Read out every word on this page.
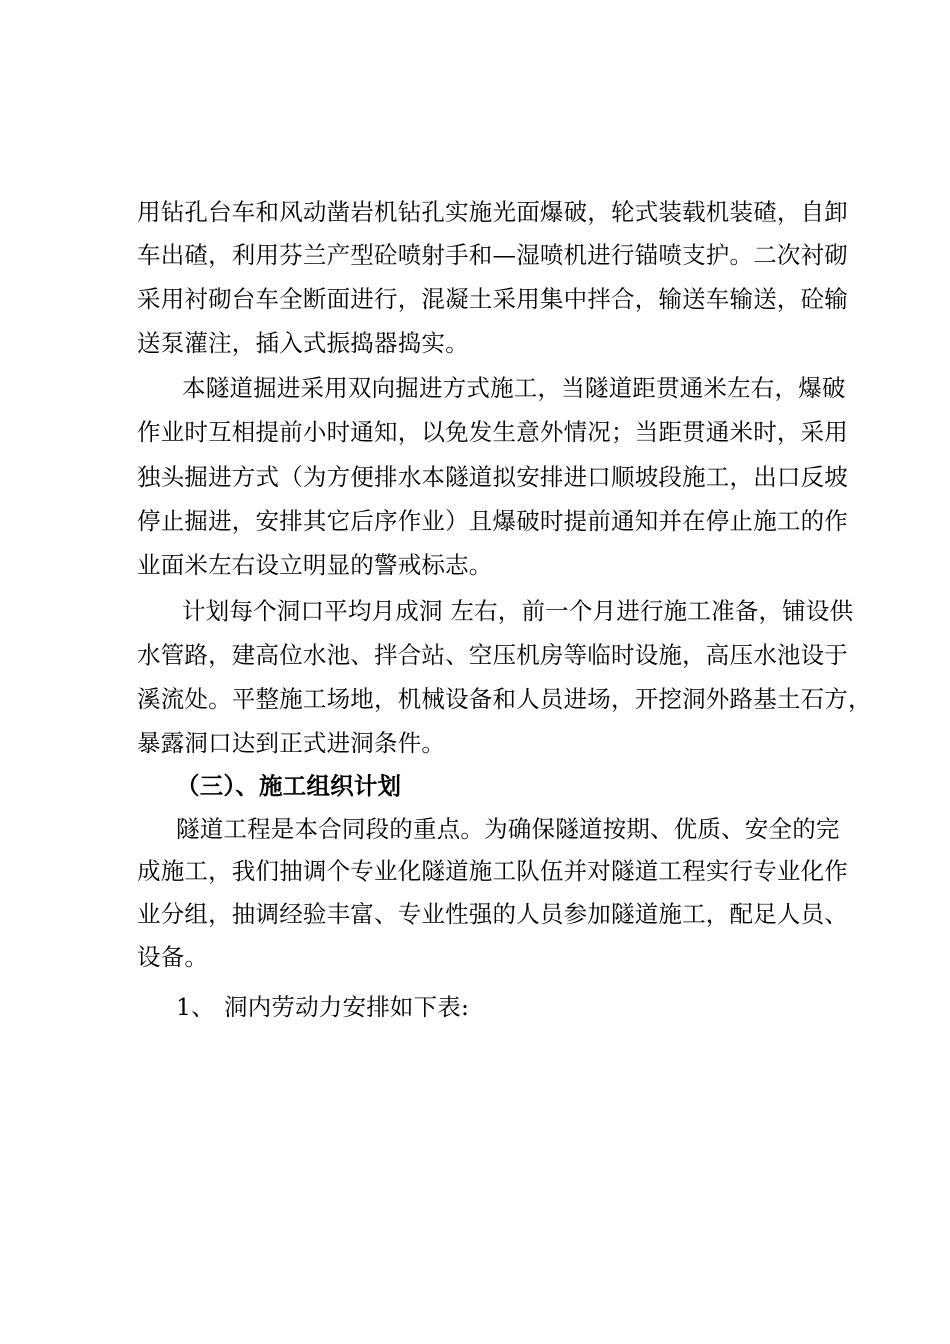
用钻孔台车和风动凿岩机钻孔实施光面爆破，轮式装载机装碴，自卸
车出碴，利用芬兰产型砼喷射手和—湿喷机进行锚喷支护。二次衬砌
采用衬砌台车全断面进行，混凝土采用集中拌合，输送车输送，砼输
送泵灌注，插入式振捣器捣实。
本隧道掘进采用双向掘进方式施工，当隧道距贯通米左右，爆破
作业时互相提前小时通知，以免发生意外情况；当距贯通米时，采用
独头掘进方式（为方便排水本隧道拟安排进口顺坡段施工，出口反坡
停止掘进，安排其它后序作业）且爆破时提前通知并在停止施工的作
业面米左右设立明显的警戒标志。
计划每个洞口平均月成洞 左右，前一个月进行施工准备，铺设供
水管路，建高位水池、拌合站、空压机房等临时设施，高压水池设于
溪流处。平整施工场地，机械设备和人员进场，开挖洞外路基土石方，
暴露洞口达到正式进洞条件。
（三）、施工组织计划
隧道工程是本合同段的重点。为确保隧道按期、优质、安全的完
成施工，我们抽调个专业化隧道施工队伍并对隧道工程实行专业化作
业分组，抽调经验丰富、专业性强的人员参加隧道施工，配足人员、
设备。
1、 洞内劳动力安排如下表:
